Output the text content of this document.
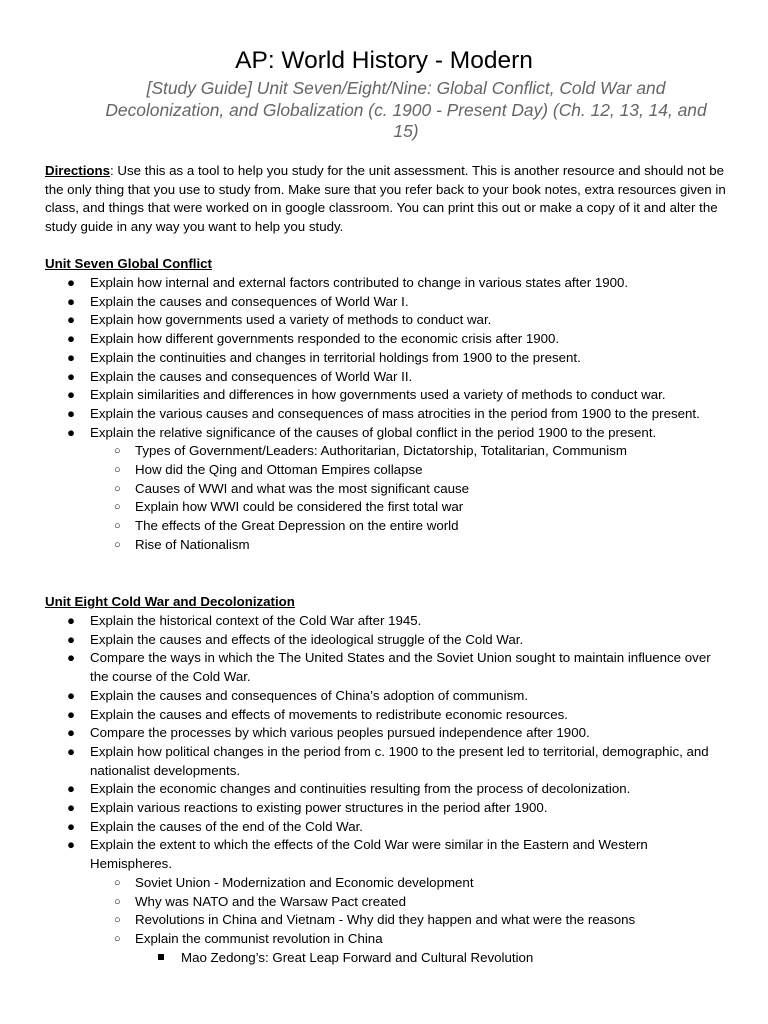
AP: World History - Modern

[Study Guide] Unit Seven/Eight/Nine: Global Conflict, Cold War and Decolonization, and Globalization (c. 1900 - Present Day) (Ch. 12, 13, 14, and 15)

Directions: Use this as a tool to help you study for the unit assessment. This is another resource and should not be the only thing that you use to study from. Make sure that you refer back to your book notes, extra resources given in class, and things that were worked on in google classroom. You can print this out or make a copy of it and alter the study guide in any way you want to help you study.

Unit Seven Global Conflict

● Explain how internal and external factors contributed to change in various states after 1900.
● Explain the causes and consequences of World War I.
● Explain how governments used a variety of methods to conduct war.
● Explain how different governments responded to the economic crisis after 1900.
● Explain the continuities and changes in territorial holdings from 1900 to the present.
● Explain the causes and consequences of World War II.
● Explain similarities and differences in how governments used a variety of methods to conduct war.
● Explain the various causes and consequences of mass atrocities in the period from 1900 to the present.
● Explain the relative significance of the causes of global conflict in the period 1900 to the present.
○ Types of Government/Leaders: Authoritarian, Dictatorship, Totalitarian, Communism
○ How did the Qing and Ottoman Empires collapse
○ Causes of WWI and what was the most significant cause
○ Explain how WWI could be considered the first total war
○ The effects of the Great Depression on the entire world
○ Rise of Nationalism

Unit Eight Cold War and Decolonization

● Explain the historical context of the Cold War after 1945.
● Explain the causes and effects of the ideological struggle of the Cold War.
● Compare the ways in which the The United States and the Soviet Union sought to maintain influence over the course of the Cold War.
● Explain the causes and consequences of China’s adoption of communism.
● Explain the causes and effects of movements to redistribute economic resources.
● Compare the processes by which various peoples pursued independence after 1900.
● Explain how political changes in the period from c. 1900 to the present led to territorial, demographic, and nationalist developments.
● Explain the economic changes and continuities resulting from the process of decolonization.
● Explain various reactions to existing power structures in the period after 1900.
● Explain the causes of the end of the Cold War.
● Explain the extent to which the effects of the Cold War were similar in the Eastern and Western Hemispheres.
○ Soviet Union - Modernization and Economic development
○ Why was NATO and the Warsaw Pact created
○ Revolutions in China and Vietnam - Why did they happen and what were the reasons
○ Explain the communist revolution in China
Mao Zedong’s: Great Leap Forward and Cultural Revolution
